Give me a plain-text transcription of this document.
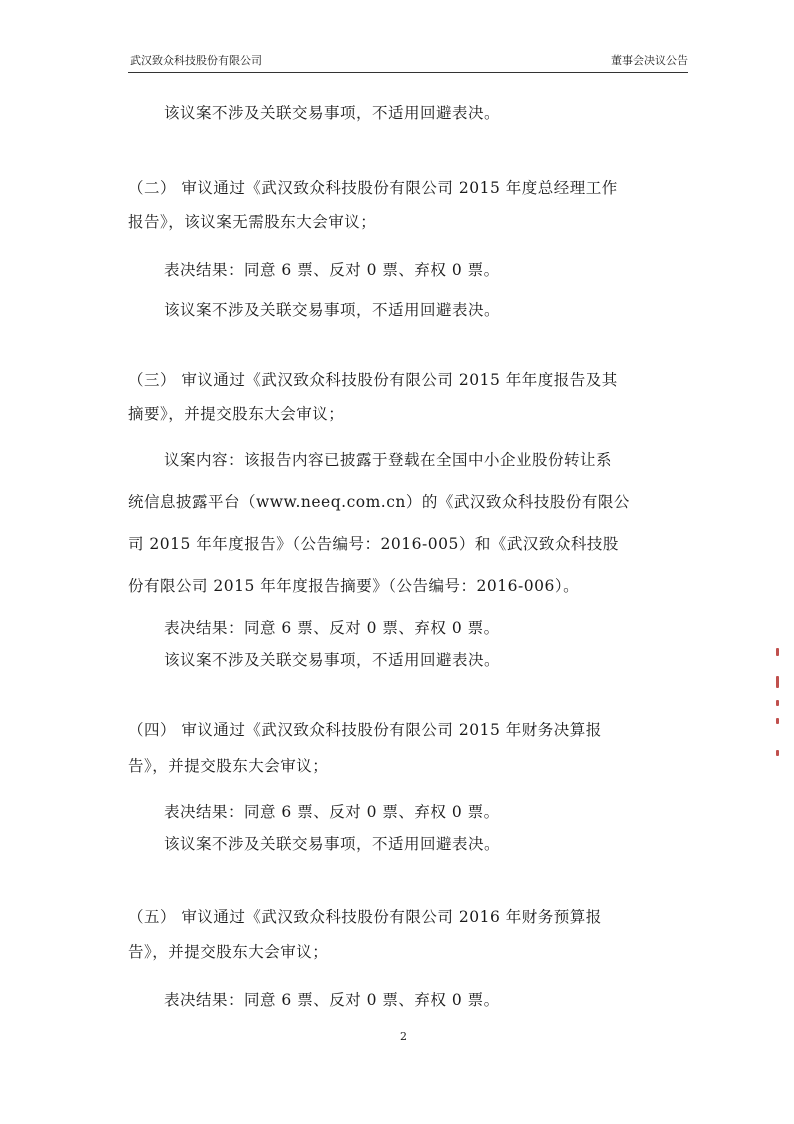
武汉致众科技股份有限公司	董事会决议公告
该议案不涉及关联交易事项，不适用回避表决。
（二） 审议通过《武汉致众科技股份有限公司 2015 年度总经理工作
报告》，该议案无需股东大会审议；
表决结果：同意 6 票、反对 0 票、弃权 0 票。
该议案不涉及关联交易事项，不适用回避表决。
（三） 审议通过《武汉致众科技股份有限公司 2015 年年度报告及其
摘要》，并提交股东大会审议；
议案内容：该报告内容已披露于登载在全国中小企业股份转让系
统信息披露平台（www.neeq.com.cn）的《武汉致众科技股份有限公
司 2015 年年度报告》（公告编号：2016-005）和《武汉致众科技股
份有限公司 2015 年年度报告摘要》（公告编号：2016-006）。
表决结果：同意 6 票、反对 0 票、弃权 0 票。
该议案不涉及关联交易事项，不适用回避表决。
（四） 审议通过《武汉致众科技股份有限公司 2015 年财务决算报
告》，并提交股东大会审议；
表决结果：同意 6 票、反对 0 票、弃权 0 票。
该议案不涉及关联交易事项，不适用回避表决。
（五） 审议通过《武汉致众科技股份有限公司 2016 年财务预算报
告》，并提交股东大会审议；
表决结果：同意 6 票、反对 0 票、弃权 0 票。
2
